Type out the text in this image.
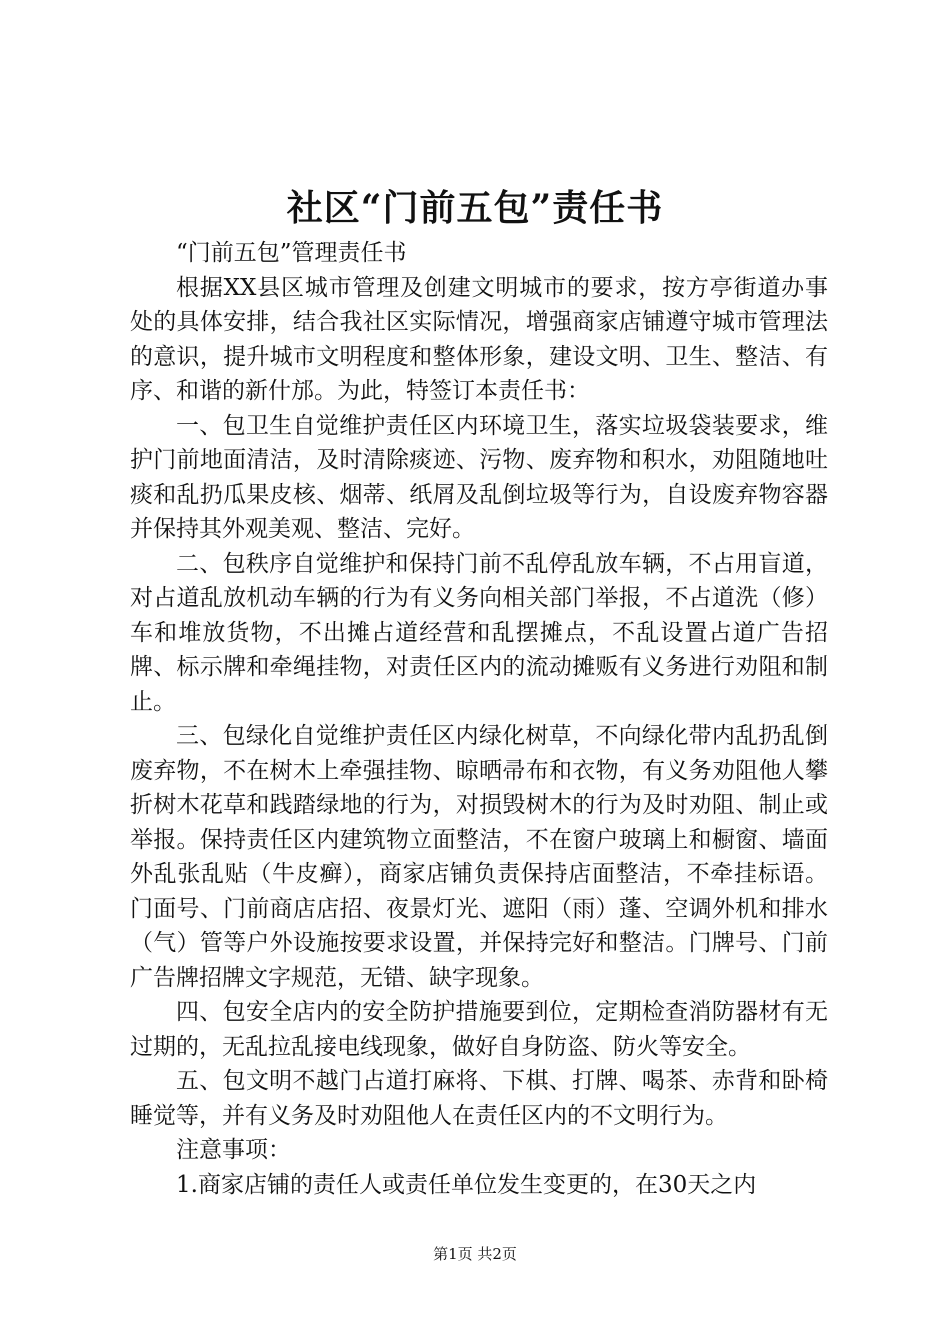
社区“门前五包”责任书

“门前五包”管理责任书

根据XX县区城市管理及创建文明城市的要求，按方亭街道办事处的具体安排，结合我社区实际情况，增强商家店铺遵守城市管理法的意识，提升城市文明程度和整体形象，建设文明、卫生、整洁、有序、和谐的新什邡。为此，特签订本责任书：

一、包卫生自觉维护责任区内环境卫生，落实垃圾袋装要求，维护门前地面清洁，及时清除痰迹、污物、废弃物和积水，劝阻随地吐痰和乱扔瓜果皮核、烟蒂、纸屑及乱倒垃圾等行为，自设废弃物容器并保持其外观美观、整洁、完好。

二、包秩序自觉维护和保持门前不乱停乱放车辆，不占用盲道，对占道乱放机动车辆的行为有义务向相关部门举报，不占道洗（修）车和堆放货物，不出摊占道经营和乱摆摊点，不乱设置占道广告招牌、标示牌和牵绳挂物，对责任区内的流动摊贩有义务进行劝阻和制止。

三、包绿化自觉维护责任区内绿化树草，不向绿化带内乱扔乱倒废弃物，不在树木上牵强挂物、晾晒帚布和衣物，有义务劝阻他人攀折树木花草和践踏绿地的行为，对损毁树木的行为及时劝阻、制止或举报。保持责任区内建筑物立面整洁，不在窗户玻璃上和橱窗、墙面外乱张乱贴（牛皮癣），商家店铺负责保持店面整洁，不牵挂标语。门面号、门前商店店招、夜景灯光、遮阳（雨）蓬、空调外机和排水（气）管等户外设施按要求设置，并保持完好和整洁。门牌号、门前广告牌招牌文字规范，无错、缺字现象。

四、包安全店内的安全防护措施要到位，定期检查消防器材有无过期的，无乱拉乱接电线现象，做好自身防盗、防火等安全。

五、包文明不越门占道打麻将、下棋、打牌、喝茶、赤背和卧椅睡觉等，并有义务及时劝阻他人在责任区内的不文明行为。

注意事项：

1.商家店铺的责任人或责任单位发生变更的，在30天之内

第1页 共2页
